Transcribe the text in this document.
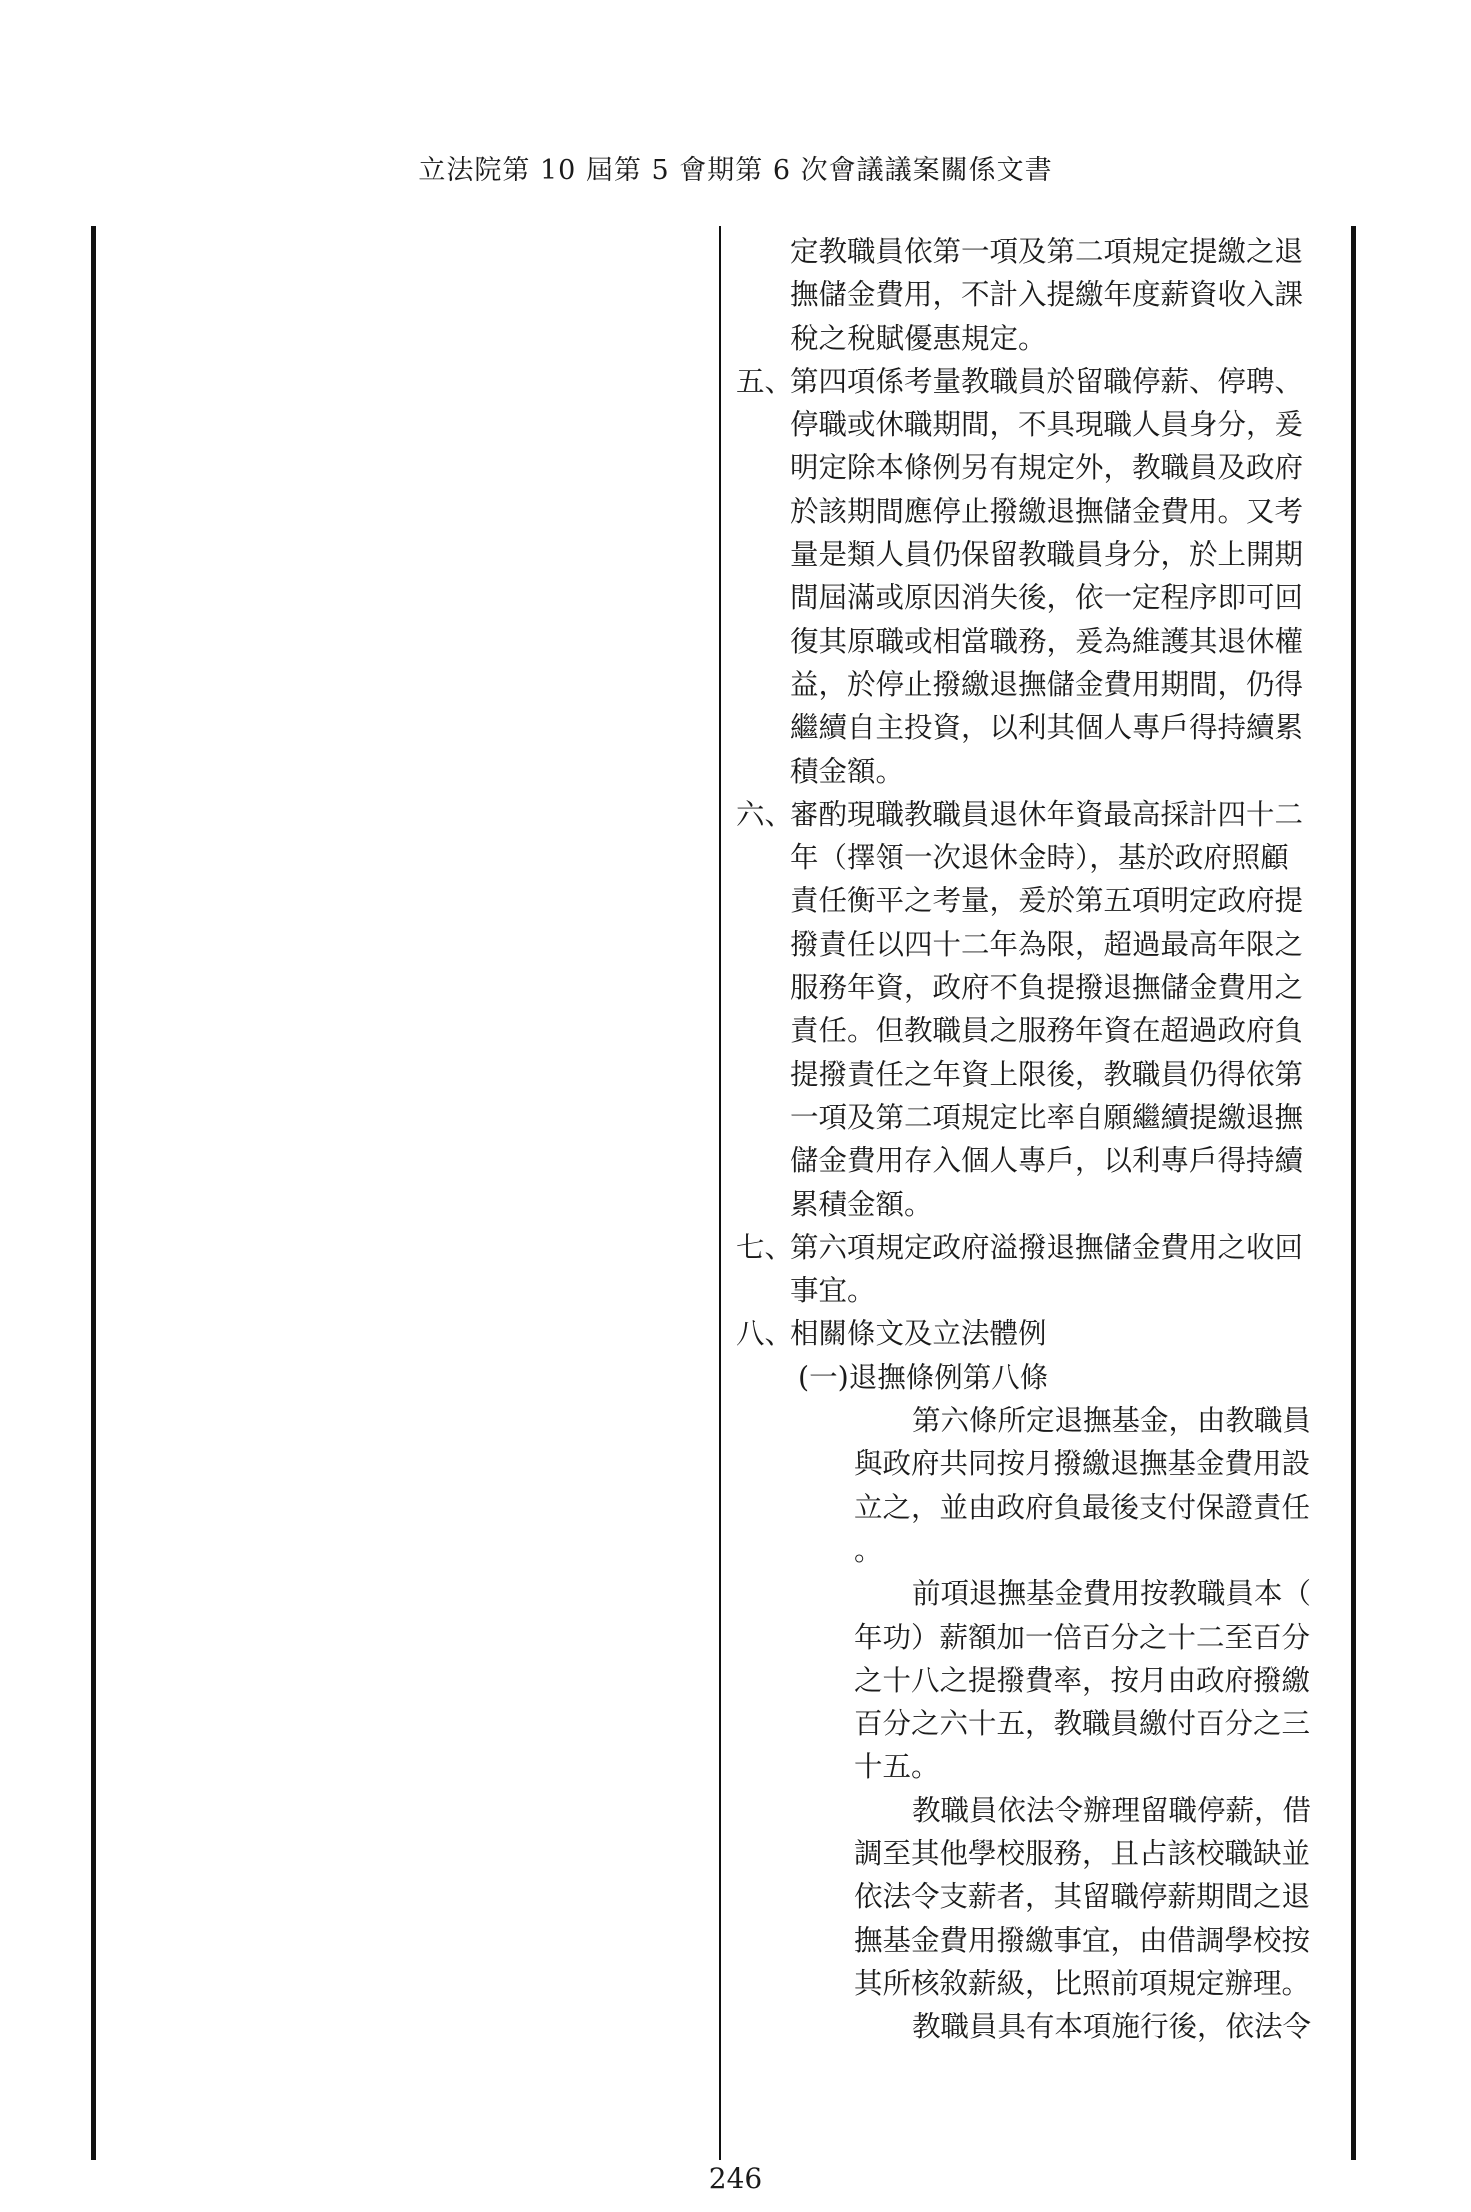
立法院第 10 屆第 5 會期第 6 次會議議案關係文書

定教職員依第一項及第二項規定提繳之退

撫儲金費用，不計入提繳年度薪資收入課

稅之稅賦優惠規定。

五、

第四項係考量教職員於留職停薪、停聘、

停職或休職期間，不具現職人員身分，爰

明定除本條例另有規定外，教職員及政府

於該期間應停止撥繳退撫儲金費用。又考

量是類人員仍保留教職員身分，於上開期

間屆滿或原因消失後，依一定程序即可回

復其原職或相當職務，爰為維護其退休權

益，於停止撥繳退撫儲金費用期間，仍得

繼續自主投資，以利其個人專戶得持續累

積金額。

六、

審酌現職教職員退休年資最高採計四十二

年（擇領一次退休金時），基於政府照顧

責任衡平之考量，爰於第五項明定政府提

撥責任以四十二年為限，超過最高年限之

服務年資，政府不負提撥退撫儲金費用之

責任。但教職員之服務年資在超過政府負

提撥責任之年資上限後，教職員仍得依第

一項及第二項規定比率自願繼續提繳退撫

儲金費用存入個人專戶，以利專戶得持續

累積金額。

七、

第六項規定政府溢撥退撫儲金費用之收回

事宜。

八、

相關條文及立法體例

(一)退撫條例第八條

第六條所定退撫基金，由教職員

與政府共同按月撥繳退撫基金費用設

立之，並由政府負最後支付保證責任

。

前項退撫基金費用按教職員本（

年功）薪額加一倍百分之十二至百分

之十八之提撥費率，按月由政府撥繳

百分之六十五，教職員繳付百分之三

十五。

教職員依法令辦理留職停薪，借

調至其他學校服務，且占該校職缺並

依法令支薪者，其留職停薪期間之退

撫基金費用撥繳事宜，由借調學校按

其所核敘薪級，比照前項規定辦理。

教職員具有本項施行後，依法令

246
